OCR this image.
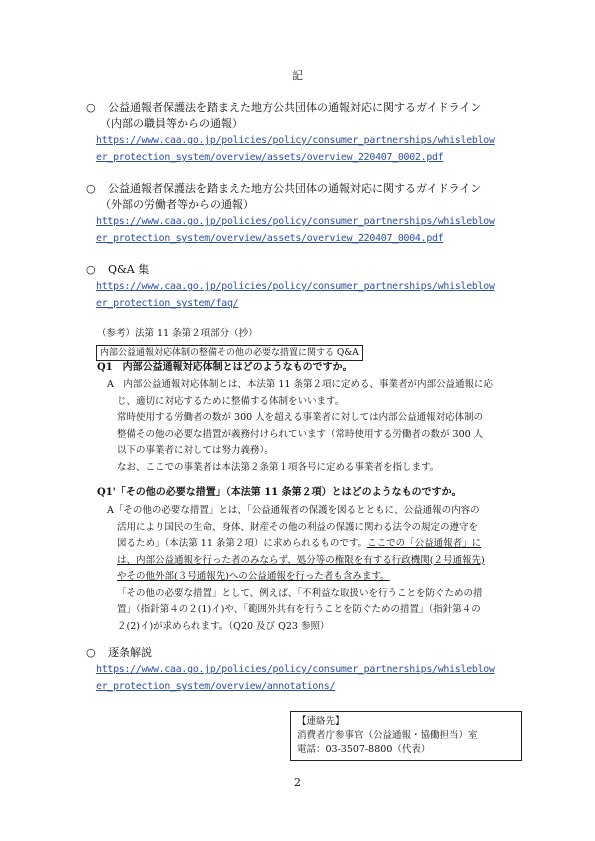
記
○ 公益通報者保護法を踏まえた地方公共団体の通報対応に関するガイドライン
（内部の職員等からの通報）
https://www.caa.go.jp/policies/policy/consumer_partnerships/whisleblow
er_protection_system/overview/assets/overview_220407_0002.pdf
○ 公益通報者保護法を踏まえた地方公共団体の通報対応に関するガイドライン
（外部の労働者等からの通報）
https://www.caa.go.jp/policies/policy/consumer_partnerships/whisleblow
er_protection_system/overview/assets/overview_220407_0004.pdf
○ Q&A 集
https://www.caa.go.jp/policies/policy/consumer_partnerships/whisleblow
er_protection_system/faq/
（参考）法第 11 条第２項部分（抄）
内部公益通報対応体制の整備その他の必要な措置に関する Q&A
Q1　内部公益通報対応体制とはどのようなものですか。

A　内部公益通報対応体制とは、本法第 11 条第２項に定める、事業者が内部公益通報に応

じ、適切に対応するために整備する体制をいいます。

常時使用する労働者の数が 300 人を超える事業者に対しては内部公益通報対応体制の

整備その他の必要な措置が義務付けられています（常時使用する労働者の数が 300 人

以下の事業者に対しては努力義務）。

なお、ここでの事業者は本法第２条第１項各号に定める事業者を指します。

Q1'「その他の必要な措置」（本法第 11 条第２項）とはどのようなものですか。

A「その他の必要な措置」とは、「公益通報者の保護を図るとともに、公益通報の内容の

活用により国民の生命、身体、財産その他の利益の保護に関わる法令の規定の遵守を

図るため」（本法第 11 条第２項）に求められるものです。ここでの「公益通報者」に

は、内部公益通報を行った者のみならず、処分等の権限を有する行政機関(２号通報先)

やその他外部(３号通報先)への公益通報を行った者も含みます。

「その他の必要な措置」として、例えば、「不利益な取扱いを行うことを防ぐための措

置」（指針第４の２(1)イ)や、「範囲外共有を行うことを防ぐための措置」（指針第４の

２(2)イ)が求められます。（Q20 及び Q23 参照）

○ 逐条解説
https://www.caa.go.jp/policies/policy/consumer_partnerships/whisleblow
er_protection_system/overview/annotations/
【連絡先】
消費者庁参事官（公益通報・協働担当）室
電話：03-3507-8800（代表）
2
